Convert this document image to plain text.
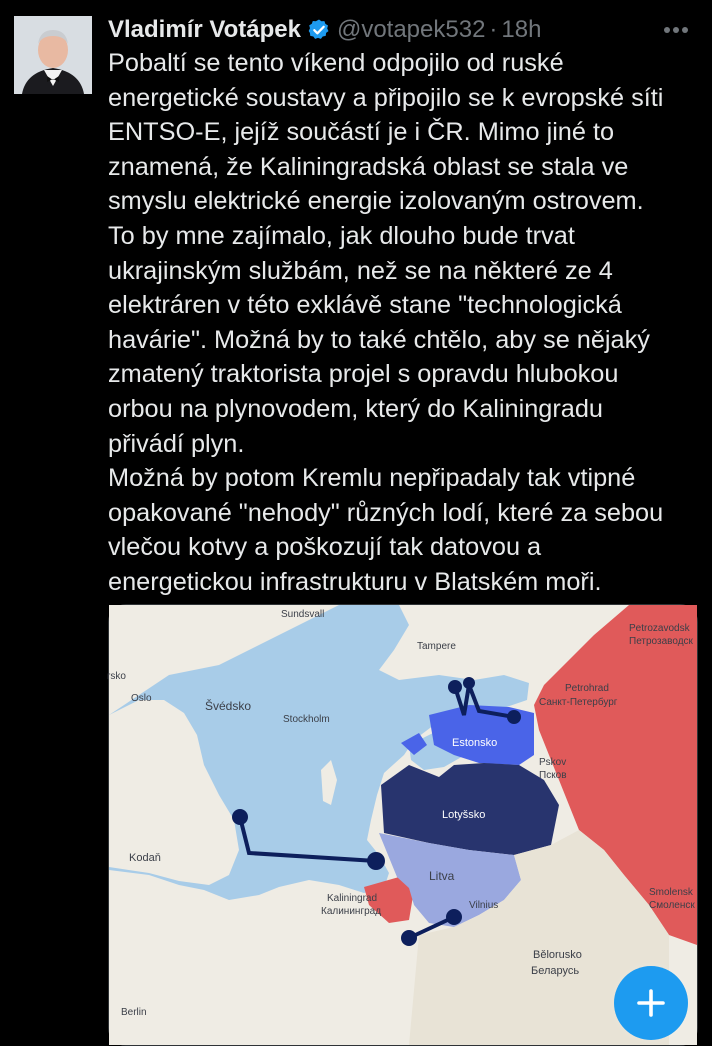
Vladimír Votápek @votapek532 · 18h
Pobaltí se tento víkend odpojilo od ruské
energetické soustavy a připojilo se k evropské síti
ENTSO-E, jejíž součástí je i ČR. Mimo jiné to
znamená, že Kaliningradská oblast se stala ve
smyslu elektrické energie izolovaným ostrovem.
To by mne zajímalo, jak dlouho bude trvat
ukrajinským službám, než se na některé ze 4
elektráren v této exklávě stane "technologická
havárie". Možná by to také chtělo, aby se nějaký
zmatený traktorista projel s opravdu hlubokou
orbou na plynovodem, který do Kaliningradu
přivádí plyn.
Možná by potom Kremlu nepřipadaly tak vtipné
opakované "nehody" různých lodí, které za sebou
vlečou kotvy a poškozují tak datovou a
energetickou infrastrukturu v Blatském moři.
Sundsvall
Tampere
Petrozavodsk
Петрозаводск
rsko
Oslo
Švédsko
Stockholm
Petrohrad
Санкт-Петербург
Estonsko
Pskov
Псков
Lotyšsko
Kodaň
Litva
Kaliningrad
Калининград
Vilnius
Smolensk
Смоленск
Bělorusko
Беларусь
Berlin
